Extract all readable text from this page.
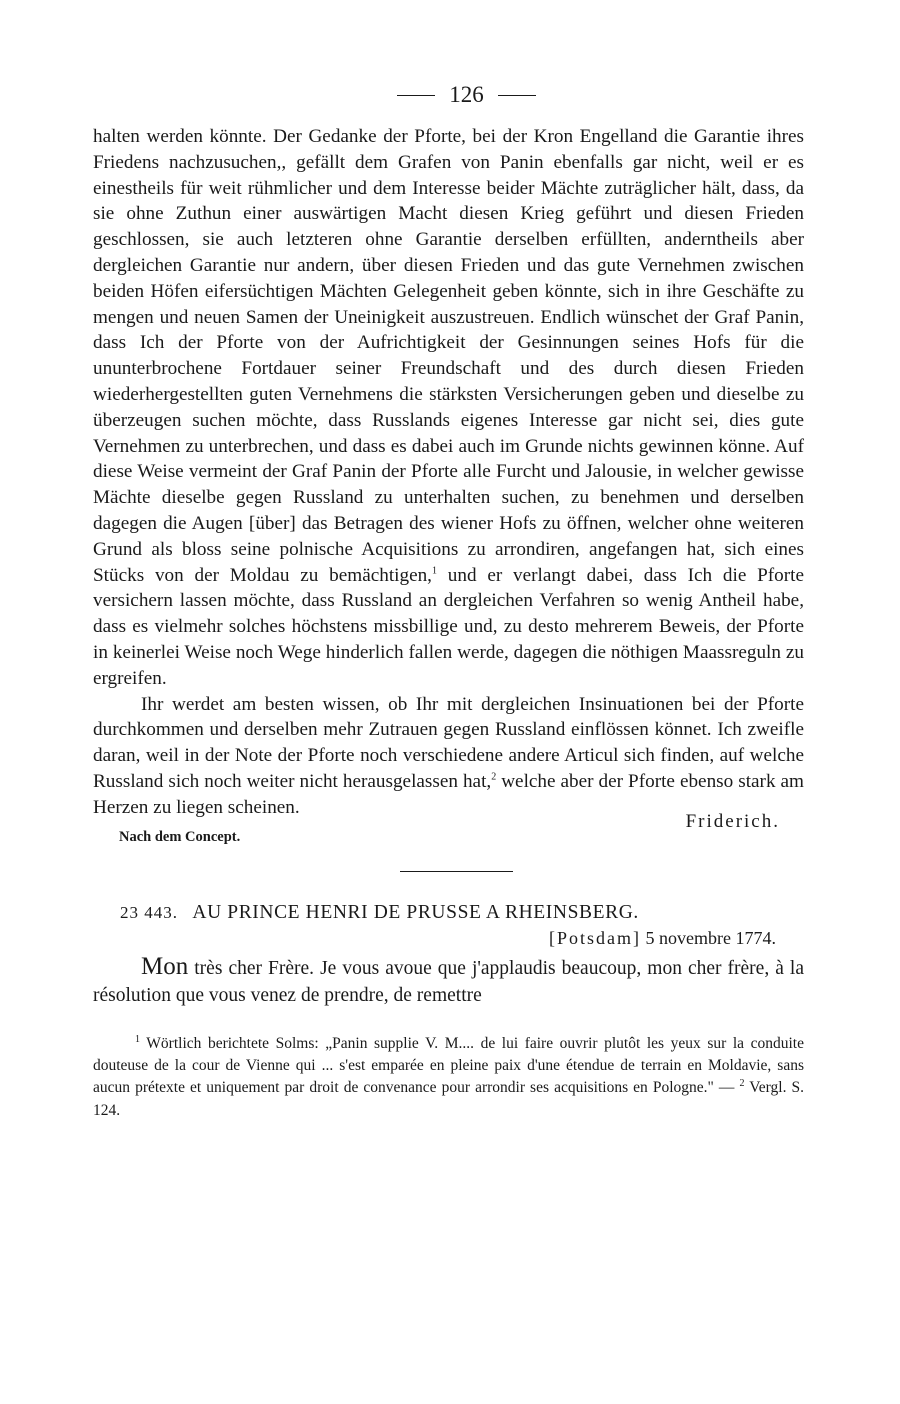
126

halten werden könnte. Der Gedanke der Pforte, bei der Kron Engelland die Garantie ihres Friedens nachzusuchen,, gefällt dem Grafen von Panin ebenfalls gar nicht, weil er es einestheils für weit rühmlicher und dem Interesse beider Mächte zuträglicher hält, dass, da sie ohne Zuthun einer auswärtigen Macht diesen Krieg geführt und diesen Frieden geschlossen, sie auch letzteren ohne Garantie derselben erfüllten, anderntheils aber dergleichen Garantie nur andern, über diesen Frieden und das gute Vernehmen zwischen beiden Höfen eifersüchtigen Mächten Gelegenheit geben könnte, sich in ihre Geschäfte zu mengen und neuen Samen der Uneinigkeit auszustreuen. Endlich wünschet der Graf Panin, dass Ich der Pforte von der Aufrichtigkeit der Gesinnungen seines Hofs für die ununterbrochene Fortdauer seiner Freundschaft und des durch diesen Frieden wiederhergestellten guten Vernehmens die stärksten Versicherungen geben und dieselbe zu überzeugen suchen möchte, dass Russlands eigenes Interesse gar nicht sei, dies gute Vernehmen zu unterbrechen, und dass es dabei auch im Grunde nichts gewinnen könne. Auf diese Weise vermeint der Graf Panin der Pforte alle Furcht und Jalousie, in welcher gewisse Mächte dieselbe gegen Russland zu unterhalten suchen, zu benehmen und derselben dagegen die Augen [über] das Betragen des wiener Hofs zu öffnen, welcher ohne weiteren Grund als bloss seine polnische Acquisitions zu arrondiren, angefangen hat, sich eines Stücks von der Moldau zu bemächtigen,$^1$ und er verlangt dabei, dass Ich die Pforte versichern lassen möchte, dass Russland an dergleichen Verfahren so wenig Antheil habe, dass es vielmehr solches höchstens missbillige und, zu desto mehrerem Beweis, der Pforte in keinerlei Weise noch Wege hinderlich fallen werde, dagegen die nöthigen Maassreguln zu ergreifen.

Ihr werdet am besten wissen, ob Ihr mit dergleichen Insinuationen bei der Pforte durchkommen und derselben mehr Zutrauen gegen Russland einflössen könnet. Ich zweifle daran, weil in der Note der Pforte noch verschiedene andere Articul sich finden, auf welche Russland sich noch weiter nicht herausgelassen hat,$^2$ welche aber der Pforte ebenso stark am Herzen zu liegen scheinen.

Nach dem Concept.
Friderich.
23 443. AU PRINCE HENRI DE PRUSSE A RHEINSBERG.
[Potsdam] 5 novembre 1774.

Mon très cher Frère. Je vous avoue que j'applaudis beaucoup, mon cher frère, à la résolution que vous venez de prendre, de remettre

$^1$ Wörtlich berichtete Solms: „Panin supplie V. M.... de lui faire ouvrir plutôt les yeux sur la conduite douteuse de la cour de Vienne qui ... s'est emparée en pleine paix d'une étendue de terrain en Moldavie, sans aucun prétexte et uniquement par droit de convenance pour arrondir ses acquisitions en Pologne." — $^2$ Vergl. S. 124.
